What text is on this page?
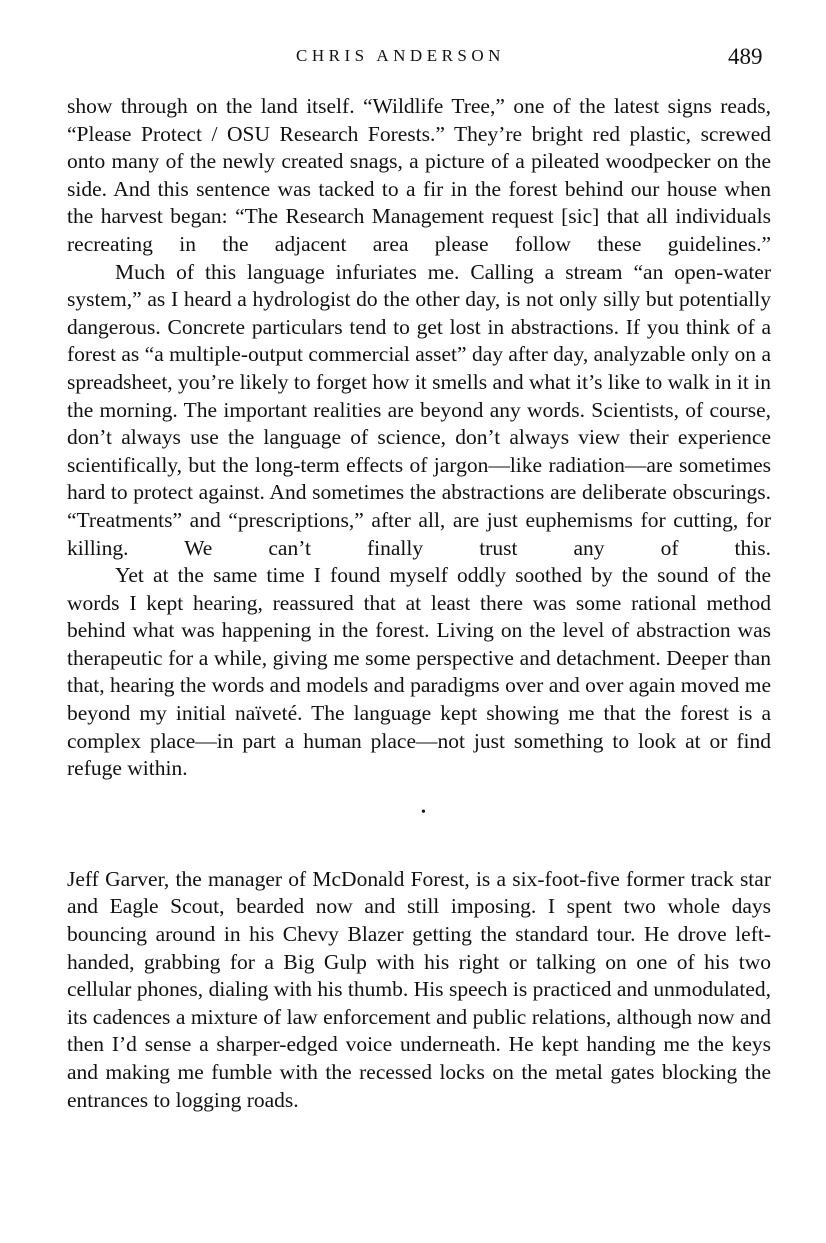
CHRIS ANDERSON	489

show through on the land itself. “Wildlife Tree,” one of the latest signs reads, “Please Protect / OSU Research Forests.” They’re bright red plastic, screwed onto many of the newly created snags, a picture of a pileated woodpecker on the side. And this sentence was tacked to a fir in the forest behind our house when the harvest began: “The Research Management request [sic] that all individuals recreating in the adjacent area please follow these guidelines.”

Much of this language infuriates me. Calling a stream “an open-water system,” as I heard a hydrologist do the other day, is not only silly but potentially dangerous. Concrete particulars tend to get lost in abstractions. If you think of a forest as “a multiple-output commercial asset” day after day, analyzable only on a spreadsheet, you’re likely to forget how it smells and what it’s like to walk in it in the morning. The important realities are beyond any words. Scientists, of course, don’t always use the language of science, don’t always view their experience scientifically, but the long-term effects of jargon—like radiation—are sometimes hard to protect against. And sometimes the abstractions are deliberate obscurings. “Treatments” and “prescriptions,” after all, are just euphemisms for cutting, for killing. We can’t finally trust any of this.

Yet at the same time I found myself oddly soothed by the sound of the words I kept hearing, reassured that at least there was some rational method behind what was happening in the forest. Living on the level of abstraction was therapeutic for a while, giving me some perspective and detachment. Deeper than that, hearing the words and models and paradigms over and over again moved me beyond my initial naïveté. The language kept showing me that the forest is a complex place—in part a human place—not just something to look at or find refuge within.

•

Jeff Garver, the manager of McDonald Forest, is a six-foot-five former track star and Eagle Scout, bearded now and still imposing. I spent two whole days bouncing around in his Chevy Blazer getting the standard tour. He drove left-handed, grabbing for a Big Gulp with his right or talking on one of his two cellular phones, dialing with his thumb. His speech is practiced and unmodulated, its cadences a mixture of law enforcement and public relations, although now and then I’d sense a sharper-edged voice underneath. He kept handing me the keys and making me fumble with the recessed locks on the metal gates blocking the entrances to logging roads.
